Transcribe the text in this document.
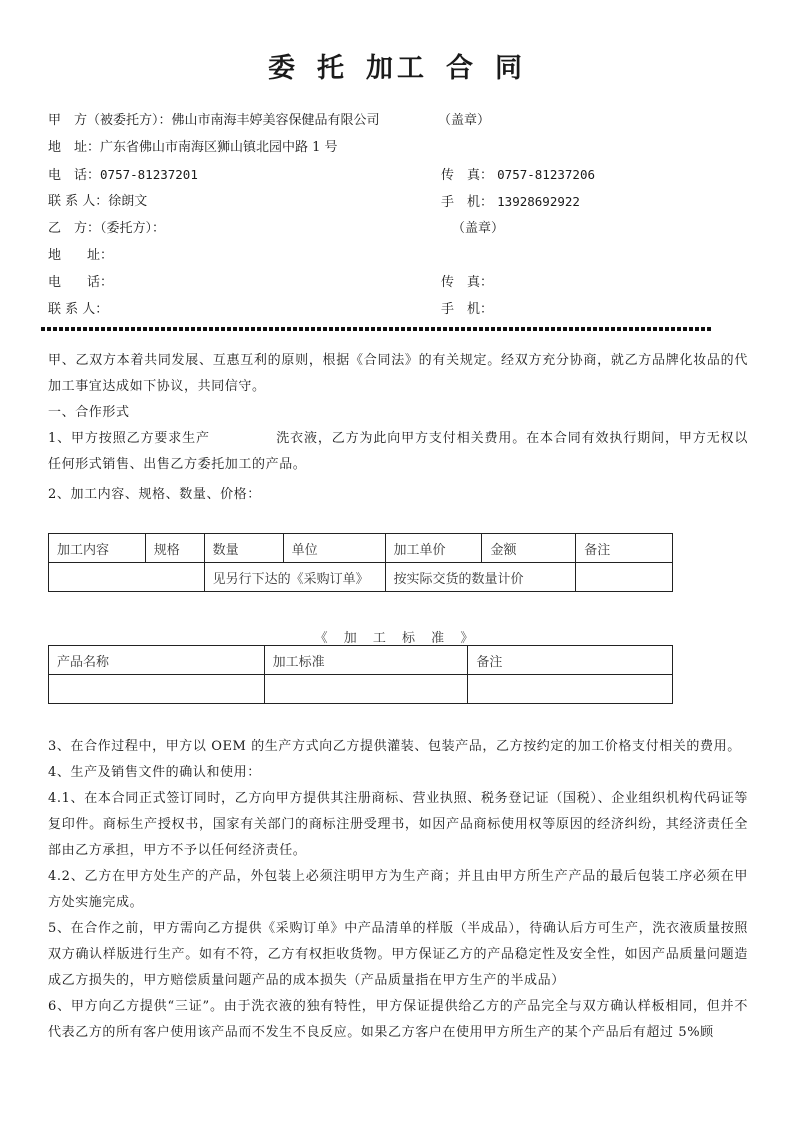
委 托 加工 合 同
甲　方（被委托方）：佛山市南海丰婷美容保健品有限公司	（盖章）
地　址：广东省佛山市南海区狮山镇北园中路 1 号
电　话：0757-81237201	传　真： 0757-81237206
联 系 人：徐朗文	手　机： 13928692922
乙　方：（委托方）：	（盖章）
地　　址：
电　　话：	传　真：
联 系 人：	手　机：
甲、乙双方本着共同发展、互惠互利的原则，根据《合同法》的有关规定。经双方充分协商，就乙方品牌化妆品的代加工事宜达成如下协议，共同信守。
一、合作形式
1、甲方按照乙方要求生产	洗衣液，乙方为此向甲方支付相关费用。在本合同有效执行期间，甲方无权以任何形式销售、出售乙方委托加工的产品。
2、加工内容、规格、数量、价格：
加工内容	规格	数量	单位	加工单价	金额	备注
		见另行下达的《采购订单》		按实际交货的数量计价		
《 加 工 标 准 》
产品名称	加工标准	备注

3、在合作过程中，甲方以 OEM 的生产方式向乙方提供灌装、包装产品，乙方按约定的加工价格支付相关的费用。
4、生产及销售文件的确认和使用：
4.1、在本合同正式签订同时，乙方向甲方提供其注册商标、营业执照、税务登记证（国税）、企业组织机构代码证等复印件。商标生产授权书，国家有关部门的商标注册受理书，如因产品商标使用权等原因的经济纠纷，其经济责任全部由乙方承担，甲方不予以任何经济责任。
4.2、乙方在甲方处生产的产品，外包装上必须注明甲方为生产商；并且由甲方所生产产品的最后包装工序必须在甲方处实施完成。
5、在合作之前，甲方需向乙方提供《采购订单》中产品清单的样版（半成品），待确认后方可生产，洗衣液质量按照双方确认样版进行生产。如有不符，乙方有权拒收货物。甲方保证乙方的产品稳定性及安全性，如因产品质量问题造成乙方损失的，甲方赔偿质量问题产品的成本损失（产品质量指在甲方生产的半成品）
6、甲方向乙方提供“三证”。由于洗衣液的独有特性，甲方保证提供给乙方的产品完全与双方确认样板相同，但并不代表乙方的所有客户使用该产品而不发生不良反应。如果乙方客户在使用甲方所生产的某个产品后有超过 5%顾
